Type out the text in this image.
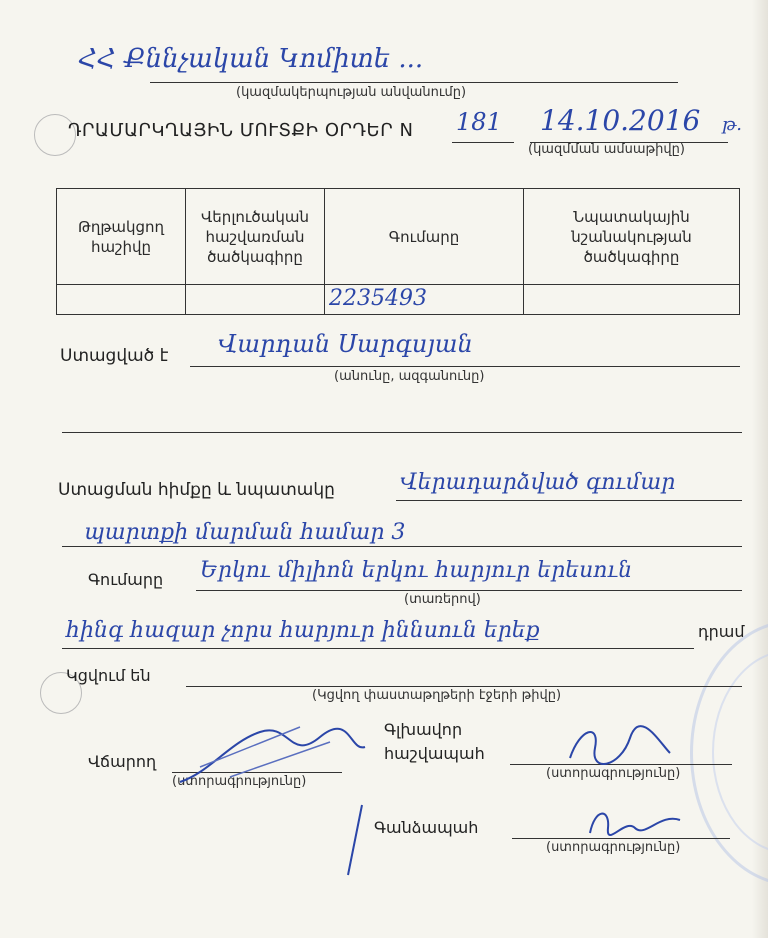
ՀՀ Քննչական Կոմիտե ...
(կազմակերպության անվանումը)
ԴՐԱՄԱՐԿՂԱՅԻՆ ՄՈՒՏՔԻ ՕՐԴԵՐ N 181 14.10.2016 թ.
(կազմման ամսաթիվը)
Թղթակցող հաշիվը	Վերլուծական հաշվառման ծածկագիրը	Գումարը	Նպատակային նշանակության ծածկագիրը
		2235493	
Ստացված է Վարդան Սարգսյան
(անունը, ազգանունը)
Ստացման հիմքը և նպատակը	Վերադարձված գումար
պարտքի մարման համար 3
Գումարը Երկու միլիոն երկու հարյուր երեսուն
(տառերով)
հինգ հազար չորս հարյուր իննսուն երեք	դրամ
Կցվում են
(Կցվող փաստաթղթերի էջերի թիվը)
Վճարող
(ստորագրությունը)
Գլխավոր
հաշվապահ
(ստորագրությունը)
Գանձապահ
(ստորագրությունը)
